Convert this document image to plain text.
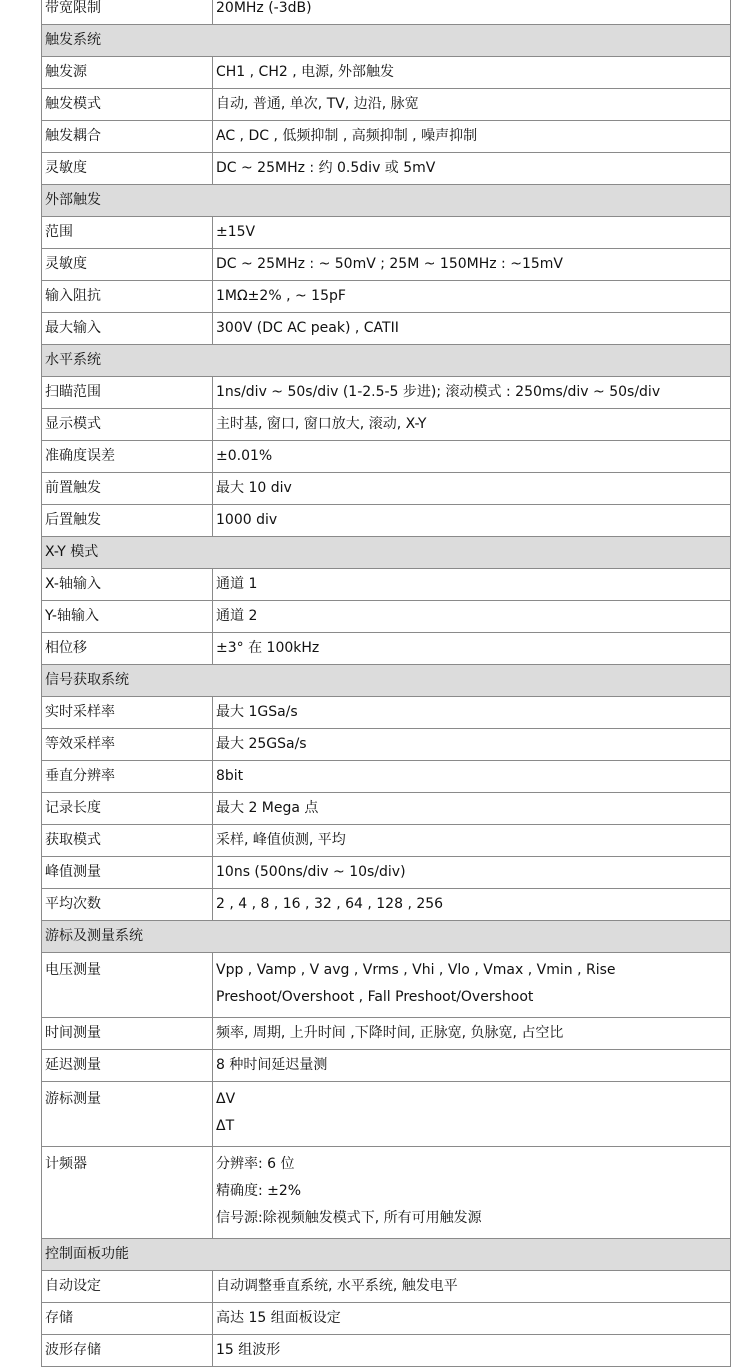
带宽限制	20MHz (-3dB)
触发系统	
触发源	CH1 , CH2 , 电源, 外部触发
触发模式	自动, 普通, 单次, TV, 边沿, 脉宽
触发耦合	AC , DC , 低频抑制 , 高频抑制 , 噪声抑制
灵敏度	DC ~ 25MHz : 约 0.5div 或 5mV
外部触发	
范围	±15V
灵敏度	DC ~ 25MHz : ~ 50mV ; 25M ~ 150MHz : ~15mV
输入阻抗	1MΩ±2% , ~ 15pF
最大输入	300V (DC AC peak) , CATII
水平系统	
扫瞄范围	1ns/div ~ 50s/div (1-2.5-5 步进); 滚动模式 : 250ms/div ~ 50s/div
显示模式	主时基, 窗口, 窗口放大, 滚动, X-Y
准确度误差	±0.01%
前置触发	最大 10 div
后置触发	1000 div
X-Y 模式	
X-轴输入	通道 1
Y-轴输入	通道 2
相位移	±3° 在 100kHz
信号获取系统	
实时采样率	最大 1GSa/s
等效采样率	最大 25GSa/s
垂直分辨率	8bit
记录长度	最大 2 Mega 点
获取模式	采样, 峰值侦测, 平均
峰值测量	10ns (500ns/div ~ 10s/div)
平均次数	2 , 4 , 8 , 16 , 32 , 64 , 128 , 256
游标及测量系统	
电压测量	Vpp , Vamp , V avg , Vrms , Vhi , Vlo , Vmax , Vmin , Rise
Preshoot/Overshoot , Fall Preshoot/Overshoot

时间测量	频率, 周期, 上升时间 ,下降时间, 正脉宽, 负脉宽, 占空比
延迟测量	8 种时间延迟量测
游标测量	ΔV
ΔT

计频器	分辨率: 6 位
精确度: ±2%
信号源:除视频触发模式下, 所有可用触发源

控制面板功能	
自动设定	自动调整垂直系统, 水平系统, 触发电平
存储	高达 15 组面板设定
波形存储	15 组波形
